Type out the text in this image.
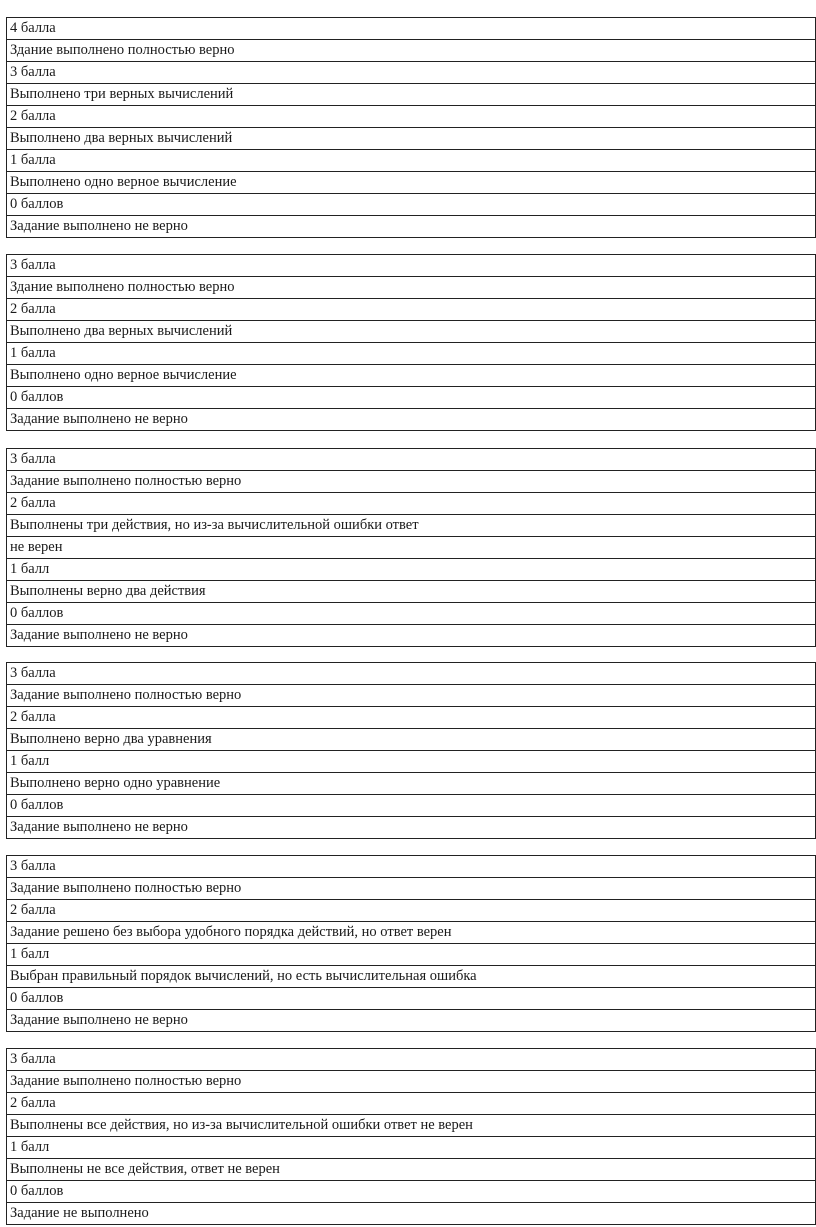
4 балла
Здание выполнено полностью верно
3 балла
Выполнено три верных вычислений
2 балла
Выполнено два верных вычислений
1 балла
Выполнено одно верное вычисление
0 баллов
Задание выполнено не верно
3 балла
Здание выполнено полностью верно
2 балла
Выполнено два верных вычислений
1 балла
Выполнено одно верное вычисление
0 баллов
Задание выполнено не верно
3 балла
Задание выполнено полностью верно
2 балла
Выполнены три действия, но из-за вычислительной ошибки ответ
не верен
1 балл
Выполнены верно два действия
0 баллов
Задание выполнено не верно
3 балла
Задание выполнено полностью верно
2 балла
Выполнено верно два уравнения
1 балл
Выполнено верно одно уравнение
0 баллов
Задание выполнено не верно
3 балла
Задание выполнено полностью верно
2 балла
Задание решено без выбора удобного порядка действий, но ответ верен
1 балл
Выбран правильный порядок вычислений, но есть вычислительная ошибка
0 баллов
Задание выполнено не верно
3 балла
Задание выполнено полностью верно
2 балла
Выполнены все действия, но из-за вычислительной ошибки ответ не верен
1 балл
Выполнены не все действия, ответ не верен
0 баллов
Задание не выполнено
